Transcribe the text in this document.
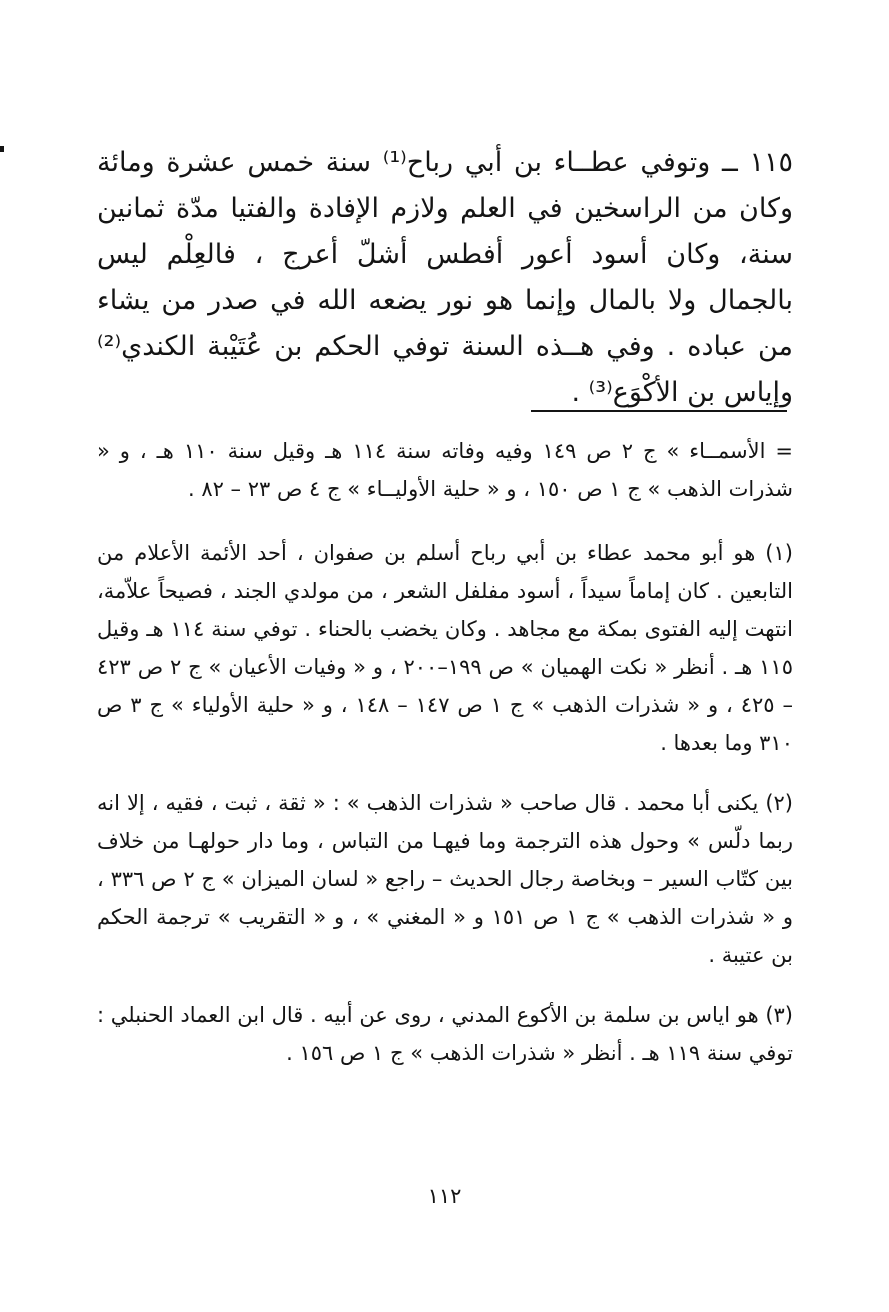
١١٥ ــ وتوفي عطــاء بن أبي رباح⁽¹⁾ سنة خمس عشرة ومائة وكان من الراسخين في العلم ولازم الإفادة والفتيا مدّة ثمانين سنة، وكان أسود أعور أفطس أشلّ أعرج ، فالعِلْم ليس بالجمال ولا بالمال وإنما هو نور يضعه الله في صدر من يشاء من عباده . وفي هــذه السنة توفي الحكم بن عُتَيْبة الكندي⁽²⁾ وإياس بن الأكْوَع⁽³⁾ .

= الأسمــاء » ج ٢ ص ١٤٩ وفيه وفاته سنة ١١٤ هـ وقيل سنة ١١٠ هـ ، و « شذرات الذهب » ج ١ ص ١٥٠ ، و « حلية الأوليــاء » ج ٤ ص ٢٣ – ٨٢ .

(١) هو أبو محمد عطاء بن أبي رباح أسلم بن صفوان ، أحد الأئمة الأعلام من التابعين . كان إماماً سيداً ، أسود مفلفل الشعر ، من مولدي الجند ، فصيحاً علاّمة، انتهت إليه الفتوى بمكة مع مجاهد . وكان يخضب بالحناء . توفي سنة ١١٤ هـ وقيل ١١٥ هـ . أنظر « نكت الهميان » ص ١٩٩–٢٠٠ ، و « وفيات الأعيان » ج ٢ ص ٤٢٣ – ٤٢٥ ، و « شذرات الذهب » ج ١ ص ١٤٧ – ١٤٨ ، و « حلية الأولياء » ج ٣ ص ٣١٠ وما بعدها .

(٢) يكنى أبا محمد . قال صاحب « شذرات الذهب » : « ثقة ، ثبت ، فقيه ، إلا انه ربما دلّس » وحول هذه الترجمة وما فيهـا من التباس ، وما دار حولهـا من خلاف بين كتّاب السير – وبخاصة رجال الحديث – راجع « لسان الميزان » ج ٢ ص ٣٣٦ ، و « شذرات الذهب » ج ١ ص ١٥١ و « المغني » ، و « التقريب » ترجمة الحكم بن عتيبة .

(٣) هو اياس بن سلمة بن الأكوع المدني ، روى عن أبيه . قال ابن العماد الحنبلي : توفي سنة ١١٩ هـ . أنظر « شذرات الذهب » ج ١ ص ١٥٦ .

١١٢
